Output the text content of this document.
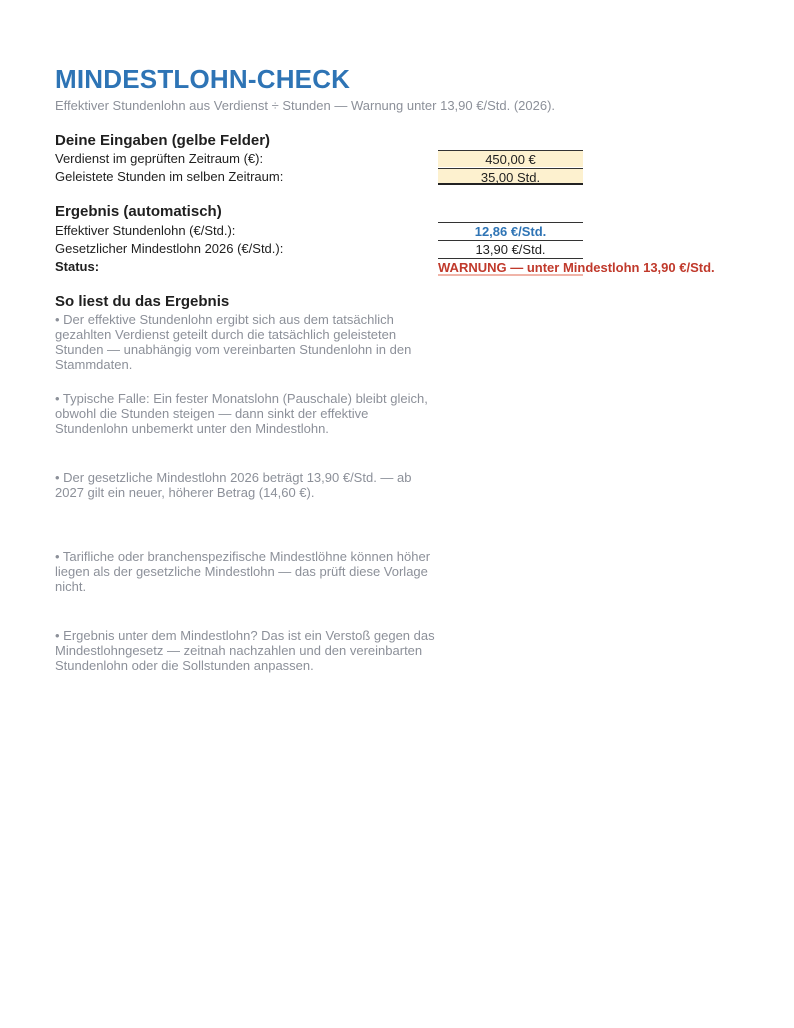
MINDESTLOHN-CHECK
Effektiver Stundenlohn aus Verdienst ÷ Stunden — Warnung unter 13,90 €/Std. (2026).
Deine Eingaben (gelbe Felder)
Verdienst im geprüften Zeitraum (€):	450,00 €
Geleistete Stunden im selben Zeitraum:	35,00 Std.
Ergebnis (automatisch)
Effektiver Stundenlohn (€/Std.):	12,86 €/Std.
Gesetzlicher Mindestlohn 2026 (€/Std.):	13,90 €/Std.
Status:	WARNUNG — unter Mindestlohn 13,90 €/Std.
So liest du das Ergebnis
• Der effektive Stundenlohn ergibt sich aus dem tatsächlich gezahlten Verdienst geteilt durch die tatsächlich geleisteten Stunden — unabhängig vom vereinbarten Stundenlohn in den Stammdaten.
• Typische Falle: Ein fester Monatslohn (Pauschale) bleibt gleich, obwohl die Stunden steigen — dann sinkt der effektive Stundenlohn unbemerkt unter den Mindestlohn.
• Der gesetzliche Mindestlohn 2026 beträgt 13,90 €/Std. — ab 2027 gilt ein neuer, höherer Betrag (14,60 €).
• Tarifliche oder branchenspezifische Mindestlöhne können höher liegen als der gesetzliche Mindestlohn — das prüft diese Vorlage nicht.
• Ergebnis unter dem Mindestlohn? Das ist ein Verstoß gegen das Mindestlohngesetz — zeitnah nachzahlen und den vereinbarten Stundenlohn oder die Sollstunden anpassen.
